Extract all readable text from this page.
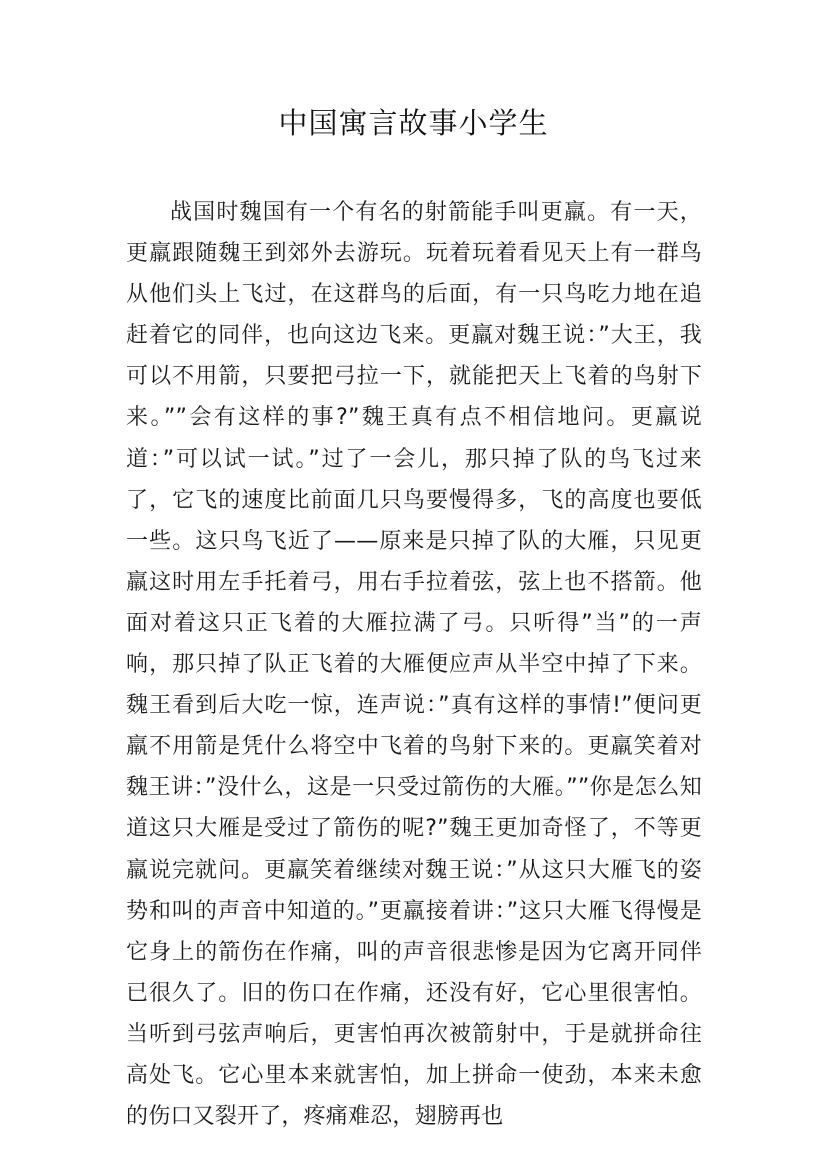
中国寓言故事小学生

战国时魏国有一个有名的射箭能手叫更羸。有一天，更羸跟随魏王到郊外去游玩。玩着玩着看见天上有一群鸟从他们头上飞过，在这群鸟的后面，有一只鸟吃力地在追赶着它的同伴，也向这边飞来。更羸对魏王说：”大王，我可以不用箭，只要把弓拉一下，就能把天上飞着的鸟射下来。””会有这样的事?”魏王真有点不相信地问。更羸说道：”可以试一试。”过了一会儿，那只掉了队的鸟飞过来了，它飞的速度比前面几只鸟要慢得多，飞的高度也要低一些。这只鸟飞近了——原来是只掉了队的大雁，只见更羸这时用左手托着弓，用右手拉着弦，弦上也不搭箭。他面对着这只正飞着的大雁拉满了弓。只听得”当”的一声响，那只掉了队正飞着的大雁便应声从半空中掉了下来。魏王看到后大吃一惊，连声说：”真有这样的事情!”便问更羸不用箭是凭什么将空中飞着的鸟射下来的。更羸笑着对魏王讲：”没什么，这是一只受过箭伤的大雁。””你是怎么知道这只大雁是受过了箭伤的呢?”魏王更加奇怪了，不等更羸说完就问。更羸笑着继续对魏王说：”从这只大雁飞的姿势和叫的声音中知道的。”更羸接着讲：”这只大雁飞得慢是它身上的箭伤在作痛，叫的声音很悲惨是因为它离开同伴已很久了。旧的伤口在作痛，还没有好，它心里很害怕。当听到弓弦声响后，更害怕再次被箭射中，于是就拼命往高处飞。它心里本来就害怕，加上拼命一使劲，本来未愈的伤口又裂开了，疼痛难忍，翅膀再也
